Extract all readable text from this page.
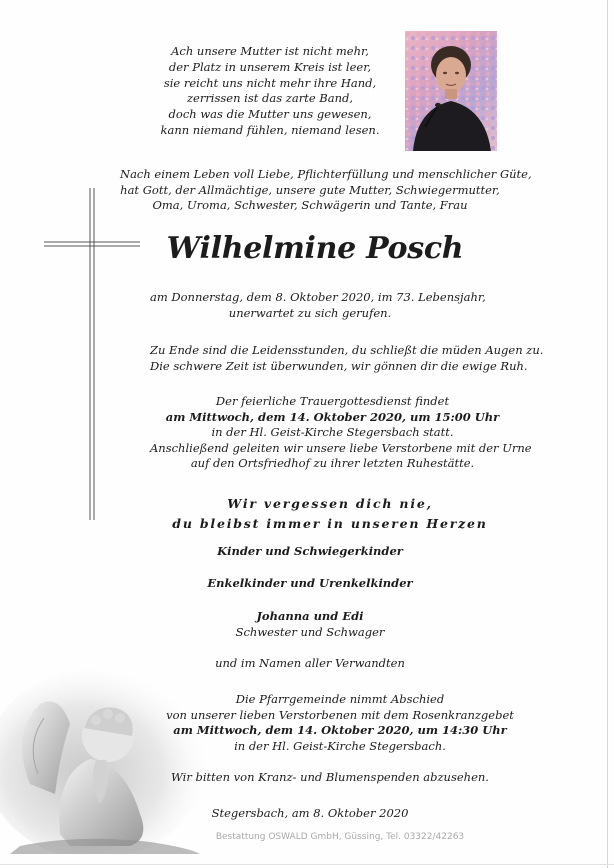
Ach unsere Mutter ist nicht mehr,
der Platz in unserem Kreis ist leer,
sie reicht uns nicht mehr ihre Hand,
zerrissen ist das zarte Band,
doch was die Mutter uns gewesen,
kann niemand fühlen, niemand lesen.
Nach einem Leben voll Liebe, Pflichterfüllung und menschlicher Güte,
hat Gott, der Allmächtige, unsere gute Mutter, Schwiegermutter,
Oma, Uroma, Schwester, Schwägerin und Tante, Frau
Wilhelmine Posch
am Donnerstag, dem 8. Oktober 2020, im 73. Lebensjahr,
unerwartet zu sich gerufen.
Zu Ende sind die Leidensstunden, du schließt die müden Augen zu.
Die schwere Zeit ist überwunden, wir gönnen dir die ewige Ruh.
Der feierliche Trauergottesdienst findet
am Mittwoch, dem 14. Oktober 2020, um 15:00 Uhr
in der Hl. Geist-Kirche Stegersbach statt.
Anschließend geleiten wir unsere liebe Verstorbene mit der Urne
auf den Ortsfriedhof zu ihrer letzten Ruhestätte.
Wir vergessen dich nie,
du bleibst immer in unseren Herzen
Kinder und Schwiegerkinder
Enkelkinder und Urenkelkinder
Johanna und Edi
Schwester und Schwager
und im Namen aller Verwandten
Die Pfarrgemeinde nimmt Abschied
von unserer lieben Verstorbenen mit dem Rosenkranzgebet
am Mittwoch, dem 14. Oktober 2020, um 14:30 Uhr
in der Hl. Geist-Kirche Stegersbach.
Wir bitten von Kranz- und Blumenspenden abzusehen.
Stegersbach, am 8. Oktober 2020
Bestattung OSWALD GmbH, Güssing, Tel. 03322/42263
